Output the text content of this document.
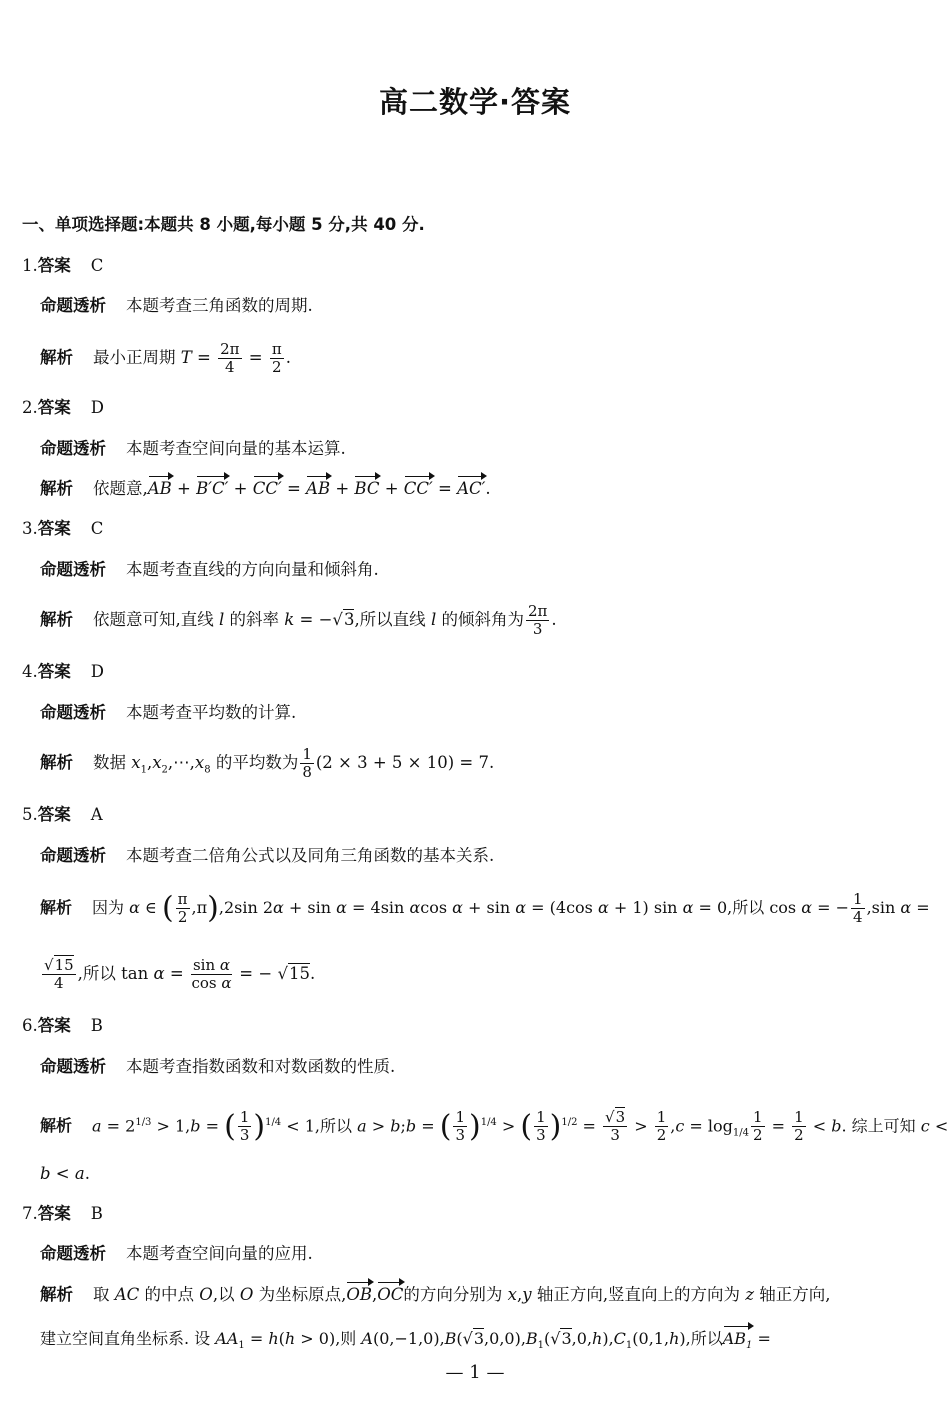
高二数学·答案
一、单项选择题:本题共 8 小题,每小题 5 分,共 40 分.
1.答案 C
命题透析 本题考查三角函数的周期.
解析 最小正周期 $T = \frac{2\pi}{4} = \frac{\pi}{2}$ .
2.答案 D
命题透析 本题考查空间向量的基本运算.
解析 依题意,AB + B′C′ + CC′ = AB + BC + CC′ = AC′.
3.答案 C
命题透析 本题考查直线的方向向量和倾斜角.
解析 依题意可知,直线 l 的斜率 k = −√3,所以直线 l 的倾斜角为 $\frac{2\pi}{3}$ .
4.答案 D
命题透析 本题考查平均数的计算.
解析 数据 $x_1,x_2,\cdots,x_8$ 的平均数为 $\frac{1}{8} (2 \times 3 + 5 \times 10) = 7$.
5.答案 A
命题透析 本题考查二倍角公式以及同角三角函数的基本关系.
解析 因为 α ∈ ( $\frac{\pi}{2} ,\pi),2\sin$ 2α + sin α = 4sin αcos α + sin α = (4cos α + 1) sin α = 0,所以 cos α = − $\frac{1}{4} ,\sin$ α =
$\frac{√15}{4}$ ,所以 $\tan \alpha = \frac{\text{sin α}}{\text{cos α}}$ = − √15.
6.答案 B
命题透析 本题考查指数函数和对数函数的性质.
解析 $a = 2^{1/3} > 1,b$ = ( $\frac{1}{3} )^{1/4} < 1$,所以 a > b;b = ( $\frac{1}{3} )^{1/4}$ > ( $\frac{1}{3} )^{1/2} = \frac{√3}{3} > \frac{1}{2} ,c = \log_{1/4} \frac{1}{2} = \frac{1}{2} < b$. 综上可知 c <
b < a.
7.答案 B
命题透析 本题考查空间向量的应用.
解析 取 AC 的中点 O,以 O 为坐标原点,OB,OC的方向分别为 x,y 轴正方向,竖直向上的方向为 z 轴正方向,
建立空间直角坐标系. 设 $AA_1 = h(h > 0)$,则 $A(0,-1,0),B(√3,0,0),B_1(√3,0,h),C_1(0,1,h)$,所以$AB_1$ =
— 1 —
